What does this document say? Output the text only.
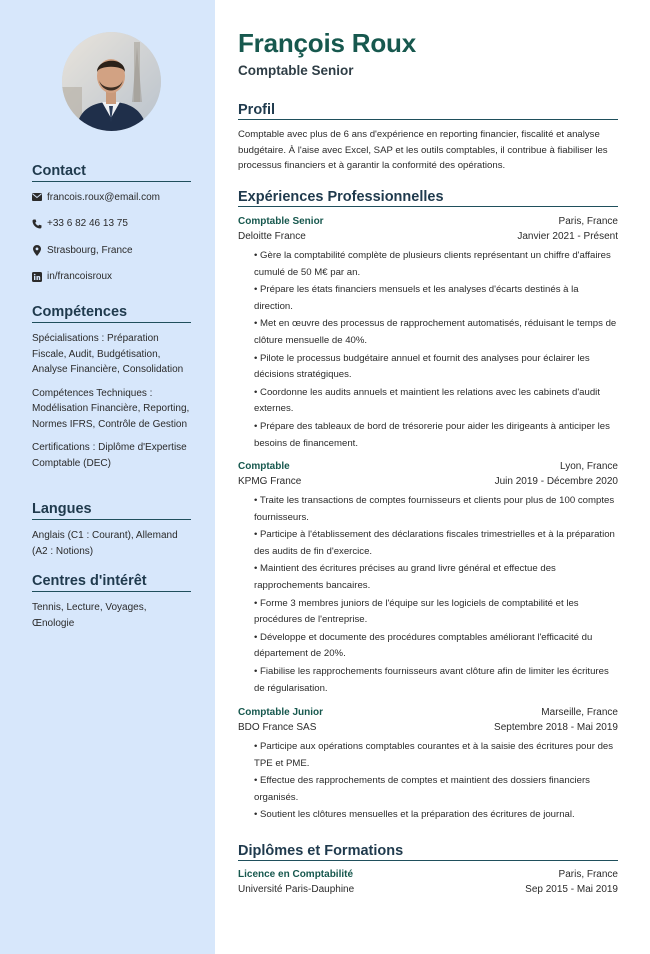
Contact
francois.roux@email.com
+33 6 82 46 13 75
Strasbourg, France
in/francoisroux
Compétences

Spécialisations : Préparation Fiscale, Audit, Budgétisation, Analyse Financière, Consolidation

Compétences Techniques : Modélisation Financière, Reporting, Normes IFRS, Contrôle de Gestion

Certifications : Diplôme d'Expertise Comptable (DEC)

Langues

Anglais (C1 : Courant), Allemand (A2 : Notions)

Centres d'intérêt

Tennis, Lecture, Voyages, Œnologie

François Roux
Comptable Senior
Profil

Comptable avec plus de 6 ans d'expérience en reporting financier, fiscalité et analyse budgétaire. À l'aise avec Excel, SAP et les outils comptables, il contribue à fiabiliser les processus financiers et à garantir la conformité des opérations.

Expériences Professionnelles
Comptable Senior	Paris, France
Deloitte France	Janvier 2021 - Présent
• Gère la comptabilité complète de plusieurs clients représentant un chiffre d'affaires cumulé de 50 M€ par an.
• Prépare les états financiers mensuels et les analyses d'écarts destinés à la direction.
• Met en œuvre des processus de rapprochement automatisés, réduisant le temps de clôture mensuelle de 40%.
• Pilote le processus budgétaire annuel et fournit des analyses pour éclairer les décisions stratégiques.
• Coordonne les audits annuels et maintient les relations avec les cabinets d'audit externes.
• Prépare des tableaux de bord de trésorerie pour aider les dirigeants à anticiper les besoins de financement.
Comptable	Lyon, France
KPMG France	Juin 2019 - Décembre 2020
• Traite les transactions de comptes fournisseurs et clients pour plus de 100 comptes fournisseurs.
• Participe à l'établissement des déclarations fiscales trimestrielles et à la préparation des audits de fin d'exercice.
• Maintient des écritures précises au grand livre général et effectue des rapprochements bancaires.
• Forme 3 membres juniors de l'équipe sur les logiciels de comptabilité et les procédures de l'entreprise.
• Développe et documente des procédures comptables améliorant l'efficacité du département de 20%.
• Fiabilise les rapprochements fournisseurs avant clôture afin de limiter les écritures de régularisation.
Comptable Junior	Marseille, France
BDO France SAS	Septembre 2018 - Mai 2019
• Participe aux opérations comptables courantes et à la saisie des écritures pour des TPE et PME.
• Effectue des rapprochements de comptes et maintient des dossiers financiers organisés.
• Soutient les clôtures mensuelles et la préparation des écritures de journal.
Diplômes et Formations
Licence en Comptabilité	Paris, France
Université Paris-Dauphine	Sep 2015 - Mai 2019
